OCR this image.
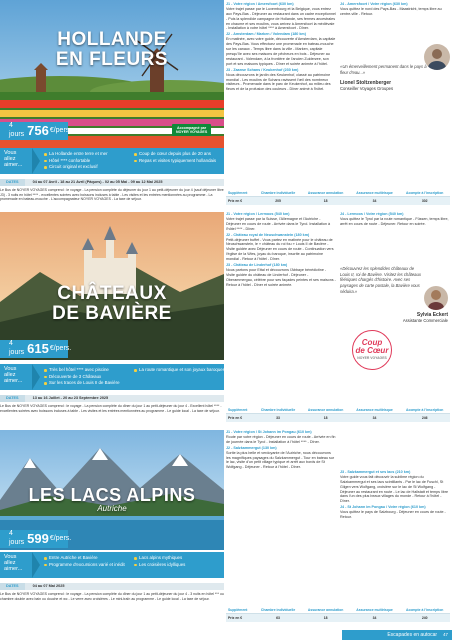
HOLLANDE
EN FLEURS
4 jours
756 €/pers.	Accompagné par
NOYER VOYAGES
Vous
allez
aimer...
La Hollande entre terre et mer
Hôtel **** confortable
Circuit original et exclusif
Coup de cœur depuis plus de 20 ans
Repas et visites typiquement hollandais
DATES	04 au 07 Avril - 18 au 21 Avril (Pâques) - 02 au 05 Mai - 09 au 12 Mai 2025
Le Bus de NOYER VOYAGES comprend : le voyage - La pension complète du déjeuner du jour 1 au petit-déjeuner du jour 4 (sauf déjeuner libre J3) - 3 nuits en hôtel **** - excellentes soirées avec boissons incluses à table - Les visites et les entrées mentionnées au programme - La promenade en bateau-mouche - L'accompagnateur NOYER VOYAGES - La taxe de séjour.

J1 - Votre région / Amersfoort (630 km)
Votre trajet passe par le Luxembourg et la Belgique, vous entrez aux Pays-Bas - Déjeuner au restaurant dans un cadre exceptionnel - Puis la splendide campagne de Hollande, ses fermes ancestrales en chaume et ses moulins, vous arrivez à Amersfoort la médiévale - Installation à votre hôtel **** à Amersfoort - Dîner.

J2 - Amsterdam / Marken / Volendam (180 km)
En matinée, avec votre guide, découverte d'Amsterdam, la capitale des Pays-Bas. Vous effectuez une promenade en bateau-mouche sur les canaux - Temps libre dans la ville - Marken, capitale presqu'île avec ses maisons de pêcheurs en bois - Déjeuner au restaurant - Volendam, à la frontière de l'ancien Zuiderzee, son port et ses maisons typiques - Dîner et soirée animée à l'hôtel.

J3 - Zaanse Schans / Keukenhof (230 km)
Nous découvrons le jardin des Keukenhof, classé au patrimoine mondial - Les moulins de Schans ravissent l'œil des nombreux visiteurs - Promenade dans le parc de Keukenhof, au milieu des fleurs et de la profusion des couleurs - Dîner animé à l'hôtel.

J4 - Amersfoort / Votre région (630 km)
Vous quittez le nord des Pays-Bas - Maastricht, temps libre au centre-ville - Retour.

«Un émerveillement permanent dans le pays à fleur d'eau...»
Lionel Stoltzenberger
Conseiller Voyages Groupes
Supplément	Chambre individuelle	Assurance annulation	Assurance multirisque	Acompte à l'inscription
Prix en €	205	18	34	302
CHÂTEAUX
DE BAVIÈRE
4 jours
615 €/pers.
Vous
allez
aimer...
Très bel hôtel **** avec piscine
Découverte de 3 Châteaux
Sur les traces de Louis II de Bavière
La route romantique et son joyaux baroques
DATES	13 au 16 Juillet - 20 au 23 Septembre 2025
Le Bus de NOYER VOYAGES comprend : le voyage - La pension complète du dîner du jour 1 au petit-déjeuner du jour 4 - Excellent hôtel **** - excellentes soirées avec boissons incluses à table - Les visites et les entrées mentionnées au programme - Le guide local - La taxe de séjour.

J1 - Votre région / Lermoos (540 km)
Votre trajet passe par la Suisse, l'Allemagne et l'Autriche - Déjeuner en cours de route - Arrivée dans le Tyrol. Installation à l'hôtel **** - Dîner.

J2 - Château royal de Neuschwanstein (180 km)
Petit-déjeuner buffet - Vous partez en matinée pour le château de Neuschwanstein, le « château du roi fou » Louis II de Bavière - Visite guidée avec Déjeuner en cours de route - Continuation vers l'église de la Wies, joyau du baroque, inscrite au patrimoine mondial - Retour à l'hôtel - Dîner.

J3 - Château de Linderhof (180 km)
Nous partons pour Ettal et découvrons l'Abbaye bénédictine - Visite guidée du château de Linderhof - Déjeuner - Oberammergau, célèbre pour ses façades peintes et ses maisons - Retour à l'hôtel - Dîner et soirée animée.

J4 - Lermoos / Votre région (540 km)
Vous quittez le Tyrol par la route romantique - Füssen, temps libre, arrêt en cours de route - Déjeuner. Retour en soirée.

«Découvrez les splendides châteaux de Louis II, roi de Bavière. Visitez les châteaux féériques chargés d'histoire. Avec ses paysages de carte postale, la Bavière vous séduira.»
Sylvia Eckert
Assistante Commerciale
Coup
de Cœur
NOYER VOYAGES
Supplément	Chambre individuelle	Assurance annulation	Assurance multirisque	Acompte à l'inscription
Prix en €	33	18	34	246
LES LACS ALPINS
Autriche
4 jours
599 €/pers.
Vous
allez
aimer...
Entre Autriche et Bavière
Programme d'excursions varié et inédit
Lacs alpins mythiques
Les croisières idylliques
DATES	04 au 07 Mai 2025
Le Bus de NOYER VOYAGES comprend : le voyage - La pension complète du dîner du jour 1 au petit-déjeuner du jour 4 - 3 nuits en hôtel *** ou chambre double avec bain ou douche et wc - Le verre avec croisières - Le mini-traîn au programme - Le guide local - La taxe de séjour.

J1 - Votre région / St Johann im Pongau (610 km)
Route par votre région - Déjeuner en cours de route - Arrivée en fin de journée dans le Tyrol - Installation à l'hôtel **** - Dîner.

J2 - Salzkammergut (130 km)
Sortie la plus belle et verdoyante de l'Autriche, nous découvrons les magnifiques paysages du Salzkammergut - Tour en bateau sur le lac, visite d'un petit village typique et arrêt aux bords de St Wolfgang - Déjeuner - Retour à l'hôtel - Dîner.

J3 - Salzkammergut et ses lacs (210 km)
Votre guide vous fait découvrir la sublime région du Salzkammergut et ses lacs scintillants - Par le lac de Fuschl, St Gilgen vers Wolfgang, croisière sur le lac de St Wolfgang - Déjeuner au restaurant en route - Le lac de Hallstatt et temps libre dans l'un des plus beaux villages du monde - Retour à l'hôtel - Dîner.

J4 - St Johann im Pongau / Votre région (610 km)
Vous quittez le pays de Salzbourg - Déjeuner en cours de route - Retour.

Supplément	Chambre individuelle	Assurance annulation	Assurance multirisque	Acompte à l'inscription
Prix en €	63	18	34	240
Escapades en autocar 47
